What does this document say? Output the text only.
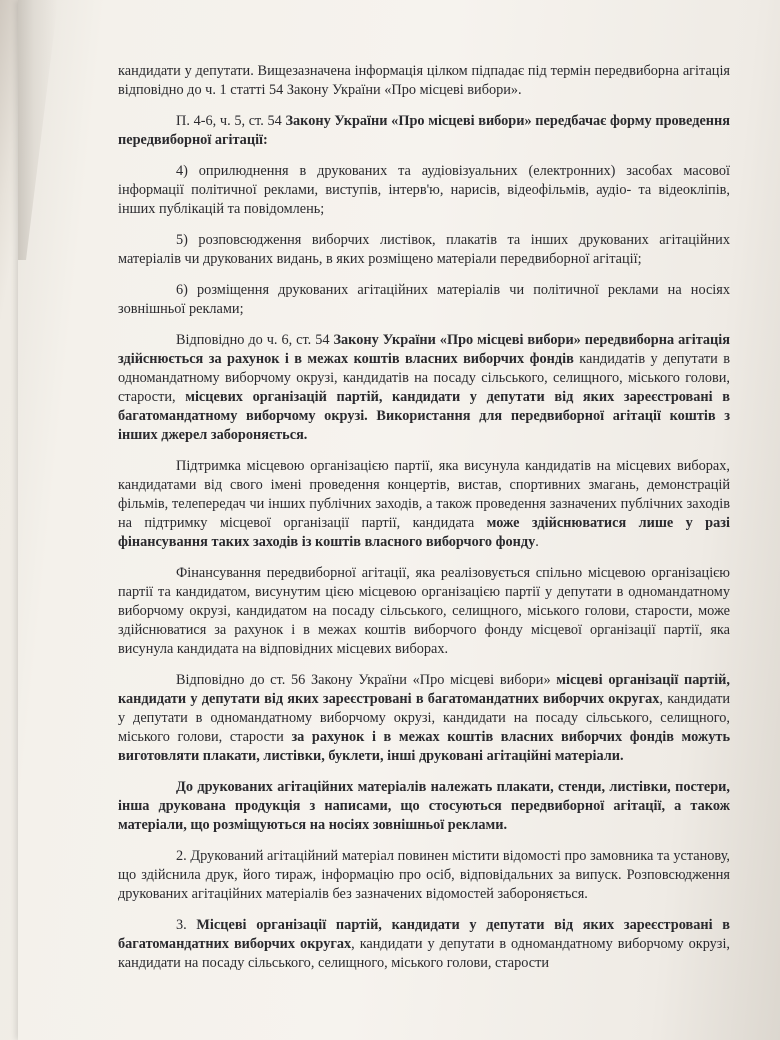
кандидати у депутати. Вищезазначена інформація цілком підпадає під термін передвиборна агітація відповідно до ч. 1 статті 54 Закону України «Про місцеві вибори».

П. 4-6, ч. 5, ст. 54 Закону України «Про місцеві вибори» передбачає форму проведення передвиборної агітації:

4) оприлюднення в друкованих та аудіовізуальних (електронних) засобах масової інформації політичної реклами, виступів, інтерв'ю, нарисів, відеофільмів, аудіо- та відеокліпів, інших публікацій та повідомлень;

5) розповсюдження виборчих листівок, плакатів та інших друкованих агітаційних матеріалів чи друкованих видань, в яких розміщено матеріали передвиборної агітації;

6) розміщення друкованих агітаційних матеріалів чи політичної реклами на носіях зовнішньої реклами;

Відповідно до ч. 6, ст. 54 Закону України «Про місцеві вибори» передвиборна агітація здійснюється за рахунок і в межах коштів власних виборчих фондів кандидатів у депутати в одномандатному виборчому окрузі, кандидатів на посаду сільського, селищного, міського голови, старости, місцевих організацій партій, кандидати у депутати від яких зареєстровані в багатомандатному виборчому окрузі. Використання для передвиборної агітації коштів з інших джерел забороняється.

Підтримка місцевою організацією партії, яка висунула кандидатів на місцевих виборах, кандидатами від свого імені проведення концертів, вистав, спортивних змагань, демонстрацій фільмів, телепередач чи інших публічних заходів, а також проведення зазначених публічних заходів на підтримку місцевої організації партії, кандидата може здійснюватися лише у разі фінансування таких заходів із коштів власного виборчого фонду.

Фінансування передвиборної агітації, яка реалізовується спільно місцевою організацією партії та кандидатом, висунутим цією місцевою організацією партії у депутати в одномандатному виборчому окрузі, кандидатом на посаду сільського, селищного, міського голови, старости, може здійснюватися за рахунок і в межах коштів виборчого фонду місцевої організації партії, яка висунула кандидата на відповідних місцевих виборах.

Відповідно до ст. 56 Закону України «Про місцеві вибори» місцеві організації партій, кандидати у депутати від яких зареєстровані в багатомандатних виборчих округах, кандидати у депутати в одномандатному виборчому окрузі, кандидати на посаду сільського, селищного, міського голови, старости за рахунок і в межах коштів власних виборчих фондів можуть виготовляти плакати, листівки, буклети, інші друковані агітаційні матеріали.

До друкованих агітаційних матеріалів належать плакати, стенди, листівки, постери, інша друкована продукція з написами, що стосуються передвиборної агітації, а також матеріали, що розміщуються на носіях зовнішньої реклами.

2. Друкований агітаційний матеріал повинен містити відомості про замовника та установу, що здійснила друк, його тираж, інформацію про осіб, відповідальних за випуск. Розповсюдження друкованих агітаційних матеріалів без зазначених відомостей забороняється.

3. Місцеві організації партій, кандидати у депутати від яких зареєстровані в багатомандатних виборчих округах, кандидати у депутати в одномандатному виборчому окрузі, кандидати на посаду сільського, селищного, міського голови, старости
